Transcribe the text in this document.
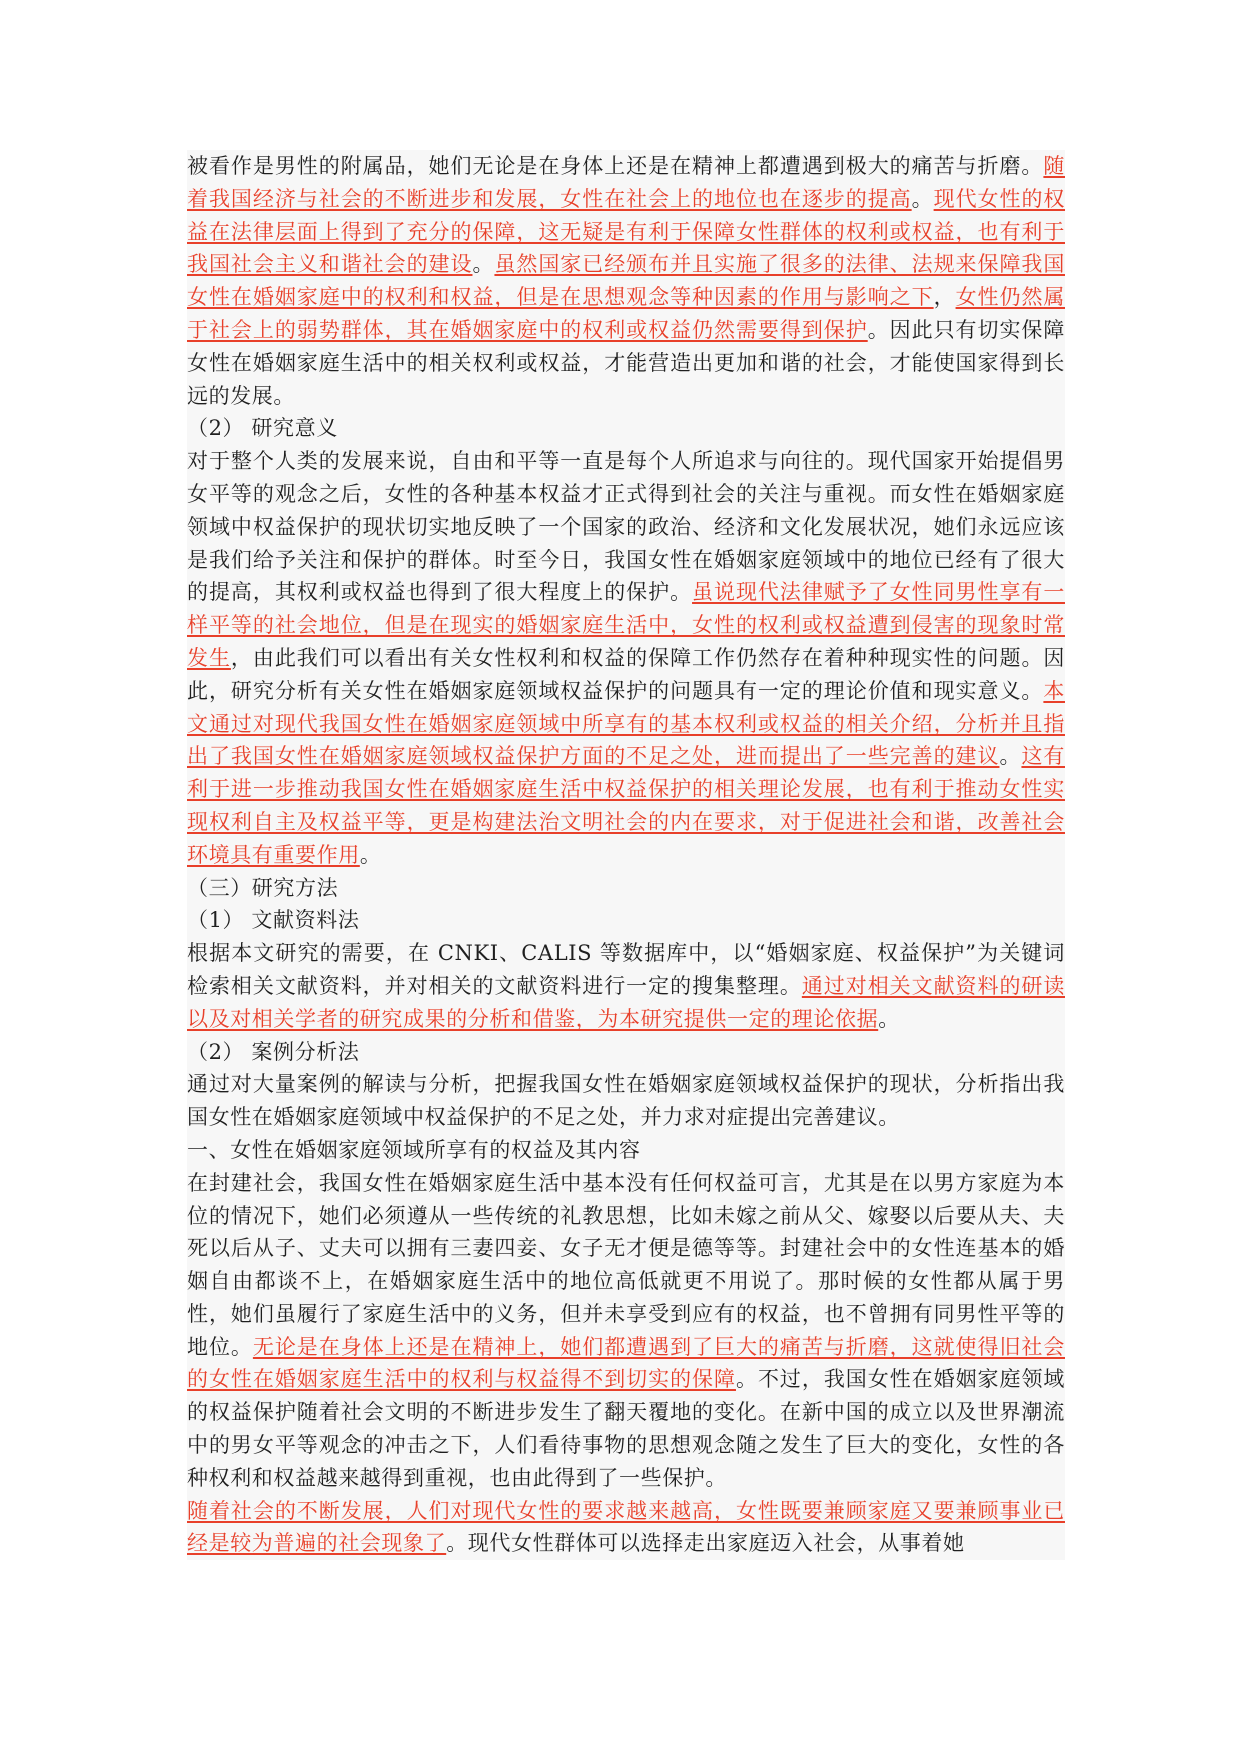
被看作是男性的附属品，她们无论是在身体上还是在精神上都遭遇到极大的痛苦与折磨。随着我国经济与社会的不断进步和发展，女性在社会上的地位也在逐步的提高。现代女性的权益在法律层面上得到了充分的保障，这无疑是有利于保障女性群体的权利或权益，也有利于我国社会主义和谐社会的建设。虽然国家已经颁布并且实施了很多的法律、法规来保障我国女性在婚姻家庭中的权利和权益，但是在思想观念等种因素的作用与影响之下，女性仍然属于社会上的弱势群体，其在婚姻家庭中的权利或权益仍然需要得到保护。因此只有切实保障女性在婚姻家庭生活中的相关权利或权益，才能营造出更加和谐的社会，才能使国家得到长远的发展。

（2） 研究意义

对于整个人类的发展来说，自由和平等一直是每个人所追求与向往的。现代国家开始提倡男女平等的观念之后，女性的各种基本权益才正式得到社会的关注与重视。而女性在婚姻家庭领域中权益保护的现状切实地反映了一个国家的政治、经济和文化发展状况，她们永远应该是我们给予关注和保护的群体。时至今日，我国女性在婚姻家庭领域中的地位已经有了很大的提高，其权利或权益也得到了很大程度上的保护。虽说现代法律赋予了女性同男性享有一样平等的社会地位，但是在现实的婚姻家庭生活中，女性的权利或权益遭到侵害的现象时常发生，由此我们可以看出有关女性权利和权益的保障工作仍然存在着种种现实性的问题。因此，研究分析有关女性在婚姻家庭领域权益保护的问题具有一定的理论价值和现实意义。本文通过对现代我国女性在婚姻家庭领域中所享有的基本权利或权益的相关介绍，分析并且指出了我国女性在婚姻家庭领域权益保护方面的不足之处，进而提出了一些完善的建议。这有利于进一步推动我国女性在婚姻家庭生活中权益保护的相关理论发展，也有利于推动女性实现权利自主及权益平等，更是构建法治文明社会的内在要求，对于促进社会和谐，改善社会环境具有重要作用。

（三）研究方法

（1） 文献资料法

根据本文研究的需要，在 CNKI、CALIS 等数据库中，以“婚姻家庭、权益保护”为关键词检索相关文献资料，并对相关的文献资料进行一定的搜集整理。通过对相关文献资料的研读以及对相关学者的研究成果的分析和借鉴，为本研究提供一定的理论依据。

（2） 案例分析法

通过对大量案例的解读与分析，把握我国女性在婚姻家庭领域权益保护的现状，分析指出我国女性在婚姻家庭领域中权益保护的不足之处，并力求对症提出完善建议。

一、女性在婚姻家庭领域所享有的权益及其内容

在封建社会，我国女性在婚姻家庭生活中基本没有任何权益可言，尤其是在以男方家庭为本位的情况下，她们必须遵从一些传统的礼教思想，比如未嫁之前从父、嫁娶以后要从夫、夫死以后从子、丈夫可以拥有三妻四妾、女子无才便是德等等。封建社会中的女性连基本的婚姻自由都谈不上，在婚姻家庭生活中的地位高低就更不用说了。那时候的女性都从属于男性，她们虽履行了家庭生活中的义务，但并未享受到应有的权益，也不曾拥有同男性平等的地位。无论是在身体上还是在精神上，她们都遭遇到了巨大的痛苦与折磨，这就使得旧社会的女性在婚姻家庭生活中的权利与权益得不到切实的保障。不过，我国女性在婚姻家庭领域的权益保护随着社会文明的不断进步发生了翻天覆地的变化。在新中国的成立以及世界潮流中的男女平等观念的冲击之下，人们看待事物的思想观念随之发生了巨大的变化，女性的各种权利和权益越来越得到重视，也由此得到了一些保护。

随着社会的不断发展，人们对现代女性的要求越来越高，女性既要兼顾家庭又要兼顾事业已经是较为普遍的社会现象了。现代女性群体可以选择走出家庭迈入社会，从事着她
